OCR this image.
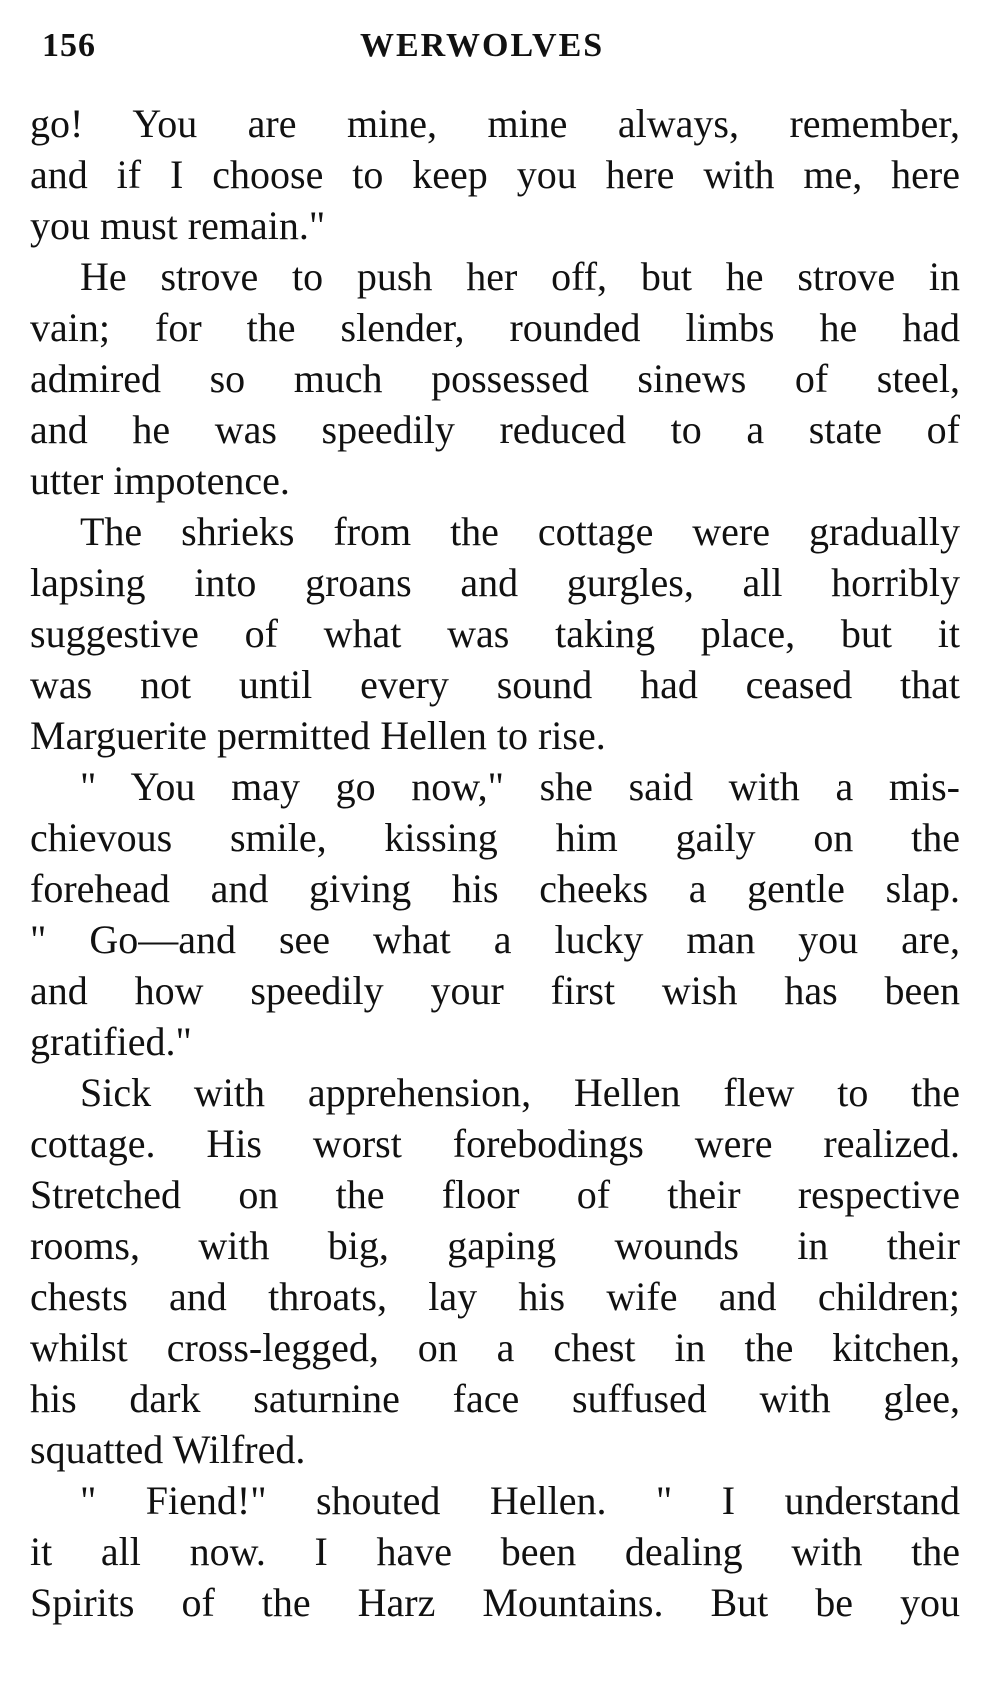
156	WERWOLVES
go! You are mine, mine always, remember,
and if I choose to keep you here with me, here
you must remain."
He strove to push her off, but he strove in
vain; for the slender, rounded limbs he had
admired so much possessed sinews of steel,
and he was speedily reduced to a state of
utter impotence.
The shrieks from the cottage were gradually
lapsing into groans and gurgles, all horribly
suggestive of what was taking place, but it
was not until every sound had ceased that
Marguerite permitted Hellen to rise.
" You may go now," she said with a mis-
chievous smile, kissing him gaily on the
forehead and giving his cheeks a gentle slap.
" Go—and see what a lucky man you are,
and how speedily your first wish has been
gratified."
Sick with apprehension, Hellen flew to the
cottage. His worst forebodings were realized.
Stretched on the floor of their respective
rooms, with big, gaping wounds in their
chests and throats, lay his wife and children;
whilst cross-legged, on a chest in the kitchen,
his dark saturnine face suffused with glee,
squatted Wilfred.
" Fiend!" shouted Hellen. " I understand
it all now. I have been dealing with the
Spirits of the Harz Mountains. But be you
